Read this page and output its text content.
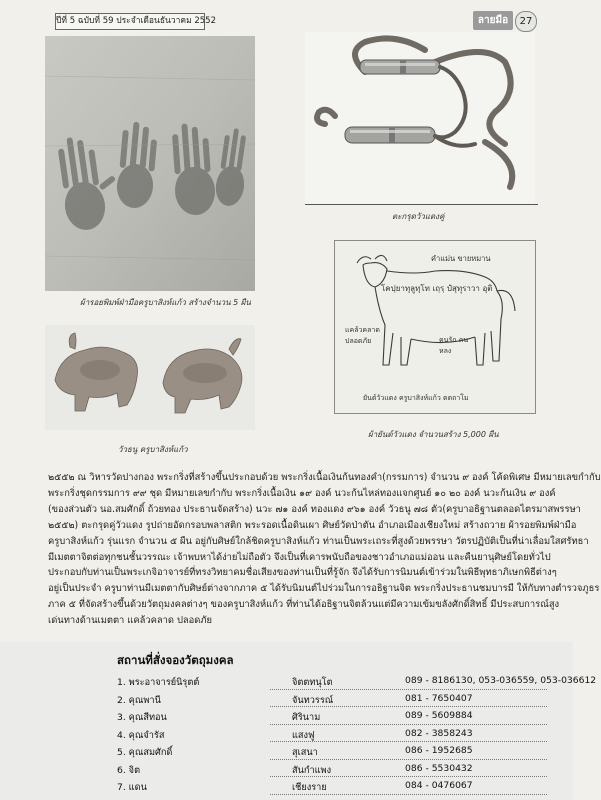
ปีที่ 5 ฉบับที่ 59 ประจำเดือนธันวาคม 2552	ลายมือ	27
ผ้ารอยพิมพ์ฝ่ามือครูบาสิงห์แก้ว สร้างจำนวน 5 ผืน
วัวธนู ครูบาสิงห์แก้ว
ตะกรุดวัวแดงคู่
คำแม่น ขายหมาน
โคปฺยาทุลูทุโท เถฺรฺ ปํสุทฺฺราวา อุติ
แคล้วคลาด ปลอดภัย	คนรัก คนหลง
ยันต์วัวแดง ครูบาสิงห์แก้ว ตตถาโม
ผ้ายันต์วัวแดง จำนวนสร้าง 5,000 ผืน

๒๕๕๒ ณ วิหารวัดปางกอง พระกริ่งที่สร้างขึ้นประกอบด้วย พระกริ่งเนื้อเงินก้นทองคำ(กรรมการ) จำนวน ๙ องค์ โค้ดพิเศษ มีหมายเลขกำกับ

พระกริ่งชุดกรรมการ ๙๙ ชุด มีหมายเลขกำกับ พระกริ่งเนื้อเงิน ๑๙ องค์ นวะก้นไหล่ทองแจกศูนย์ ๑๐ ๒๐ องค์ นวะก้นเงิน ๙ องค์

(ของส่วนตัว นอ.สมศักดิ์ ถ้วยทอง ประธานจัดสร้าง) นวะ ๗๑ องค์ ทองแดง ๙๖๑ องค์ วัวธนู ๗๘ ตัว(ครูบาอธิฐานตลอดไตรมาสพรรษา

๒๕๕๒) ตะกรุดคู่วัวแดง รูปถ่ายอัดกรอบพลาสติก พระรอดเนื้อดินเผา ศิษย์วัดป่าตัน อำเภอเมืองเชียงใหม่ สร้างถวาย ผ้ารอยพิมพ์ฝ่ามือ

ครูบาสิงห์แก้ว รุ่นแรก จำนวน ๕ ผืน อยู่กับศิษย์ใกล้ชิดครูบาสิงห์แก้ว ท่านเป็นพระเถระที่สูงด้วยพรรษา วัตรปฏิบัติเป็นที่น่าเลื่อมใสศรัทธา

มีเมตตาจิตต่อทุกชนชั้นวรรณะ เจ้าพบหาได้ง่ายไม่ถือตัว จึงเป็นที่เคารพนับถือของชาวอำเภอแม่ออน และคืนยานุศิษย์โดยทั่วไป

ประกอบกับท่านเป็นพระเกจิอาจารย์ที่ทรงวิทยาคมชื่อเสียงของท่านเป็นที่รู้จัก จึงได้รับการนิมนต์เข้าร่วมในพิธีพุทธาภิเษกพิธีต่างๆ

อยู่เป็นประจำ ครูบาท่านมีเมตตากับศิษย์ต่างจากภาค ๕ ได้รับนิมนต์ไปร่วมในการอธิฐานจิต พระกริ่งประธานชมบารมี ให้กับทางตำรวจภูธร

ภาค ๕ ที่จัดสร้างขึ้นด้วยวัตถุมงคลต่างๆ ของครูบาสิงห์แก้ว ที่ท่านได้อธิฐานจิตล้วนแต่มีความเข้มขลังศักดิ์สิทธิ์ มีประสบการณ์สูง

เด่นทางด้านเมตตา แคล้วคลาด ปลอดภัย

สถานที่สั่งจองวัตถุมงคล
1. พระอาจารย์นิรุตต์	จิตตทนุโต	089 - 8186130, 053-036559, 053-036612
2. คุณพานี	จันทวรรณ์	081 - 7650407
3. คุณสีทอน	ศิรินาม	089 - 5609884
4. คุณจำรัส	แสงฟู	082 - 3858243
5. คุณสมศักดิ์	สุเสนา	086 - 1952685
6. จิต	สันกำแพง	086 - 5530432
7. แดน	เชียงราย	084 - 0476067
